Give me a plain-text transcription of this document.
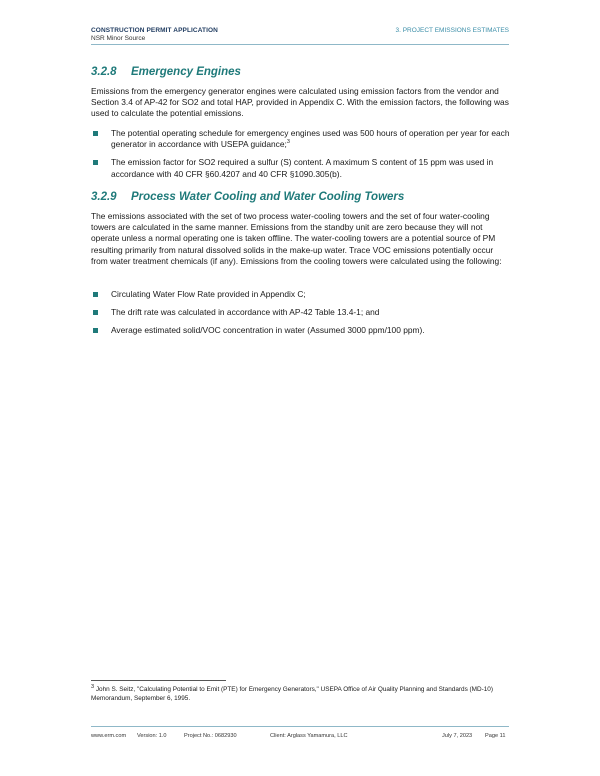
CONSTRUCTION PERMIT APPLICATION
NSR Minor Source
3. PROJECT EMISSIONS ESTIMATES
3.2.8 Emergency Engines
Emissions from the emergency generator engines were calculated using emission factors from the vendor and Section 3.4 of AP-42 for SO2 and total HAP, provided in Appendix C. With the emission factors, the following was used to calculate the potential emissions.
The potential operating schedule for emergency engines used was 500 hours of operation per year for each generator in accordance with USEPA guidance;$^3$
The emission factor for SO2 required a sulfur (S) content. A maximum S content of 15 ppm was used in accordance with 40 CFR §60.4207 and 40 CFR §1090.305(b).
3.2.9 Process Water Cooling and Water Cooling Towers
The emissions associated with the set of two process water-cooling towers and the set of four water-cooling towers are calculated in the same manner. Emissions from the standby unit are zero because they will not operate unless a normal operating one is taken offline. The water-cooling towers are a potential source of PM resulting primarily from natural dissolved solids in the make-up water. Trace VOC emissions potentially occur from water treatment chemicals (if any). Emissions from the cooling towers were calculated using the following:
Circulating Water Flow Rate provided in Appendix C;
The drift rate was calculated in accordance with AP-42 Table 13.4-1; and
Average estimated solid/VOC concentration in water (Assumed 3000 ppm/100 ppm).
$^3$ John S. Seitz, "Calculating Potential to Emit (PTE) for Emergency Generators," USEPA Office of Air Quality Planning and Standards (MD-10) Memorandum, September 6, 1995.
www.erm.com Version: 1.0	Project No.: 0682930	Client: Arglass Yamamura, LLC	July 7, 2023 Page 11
